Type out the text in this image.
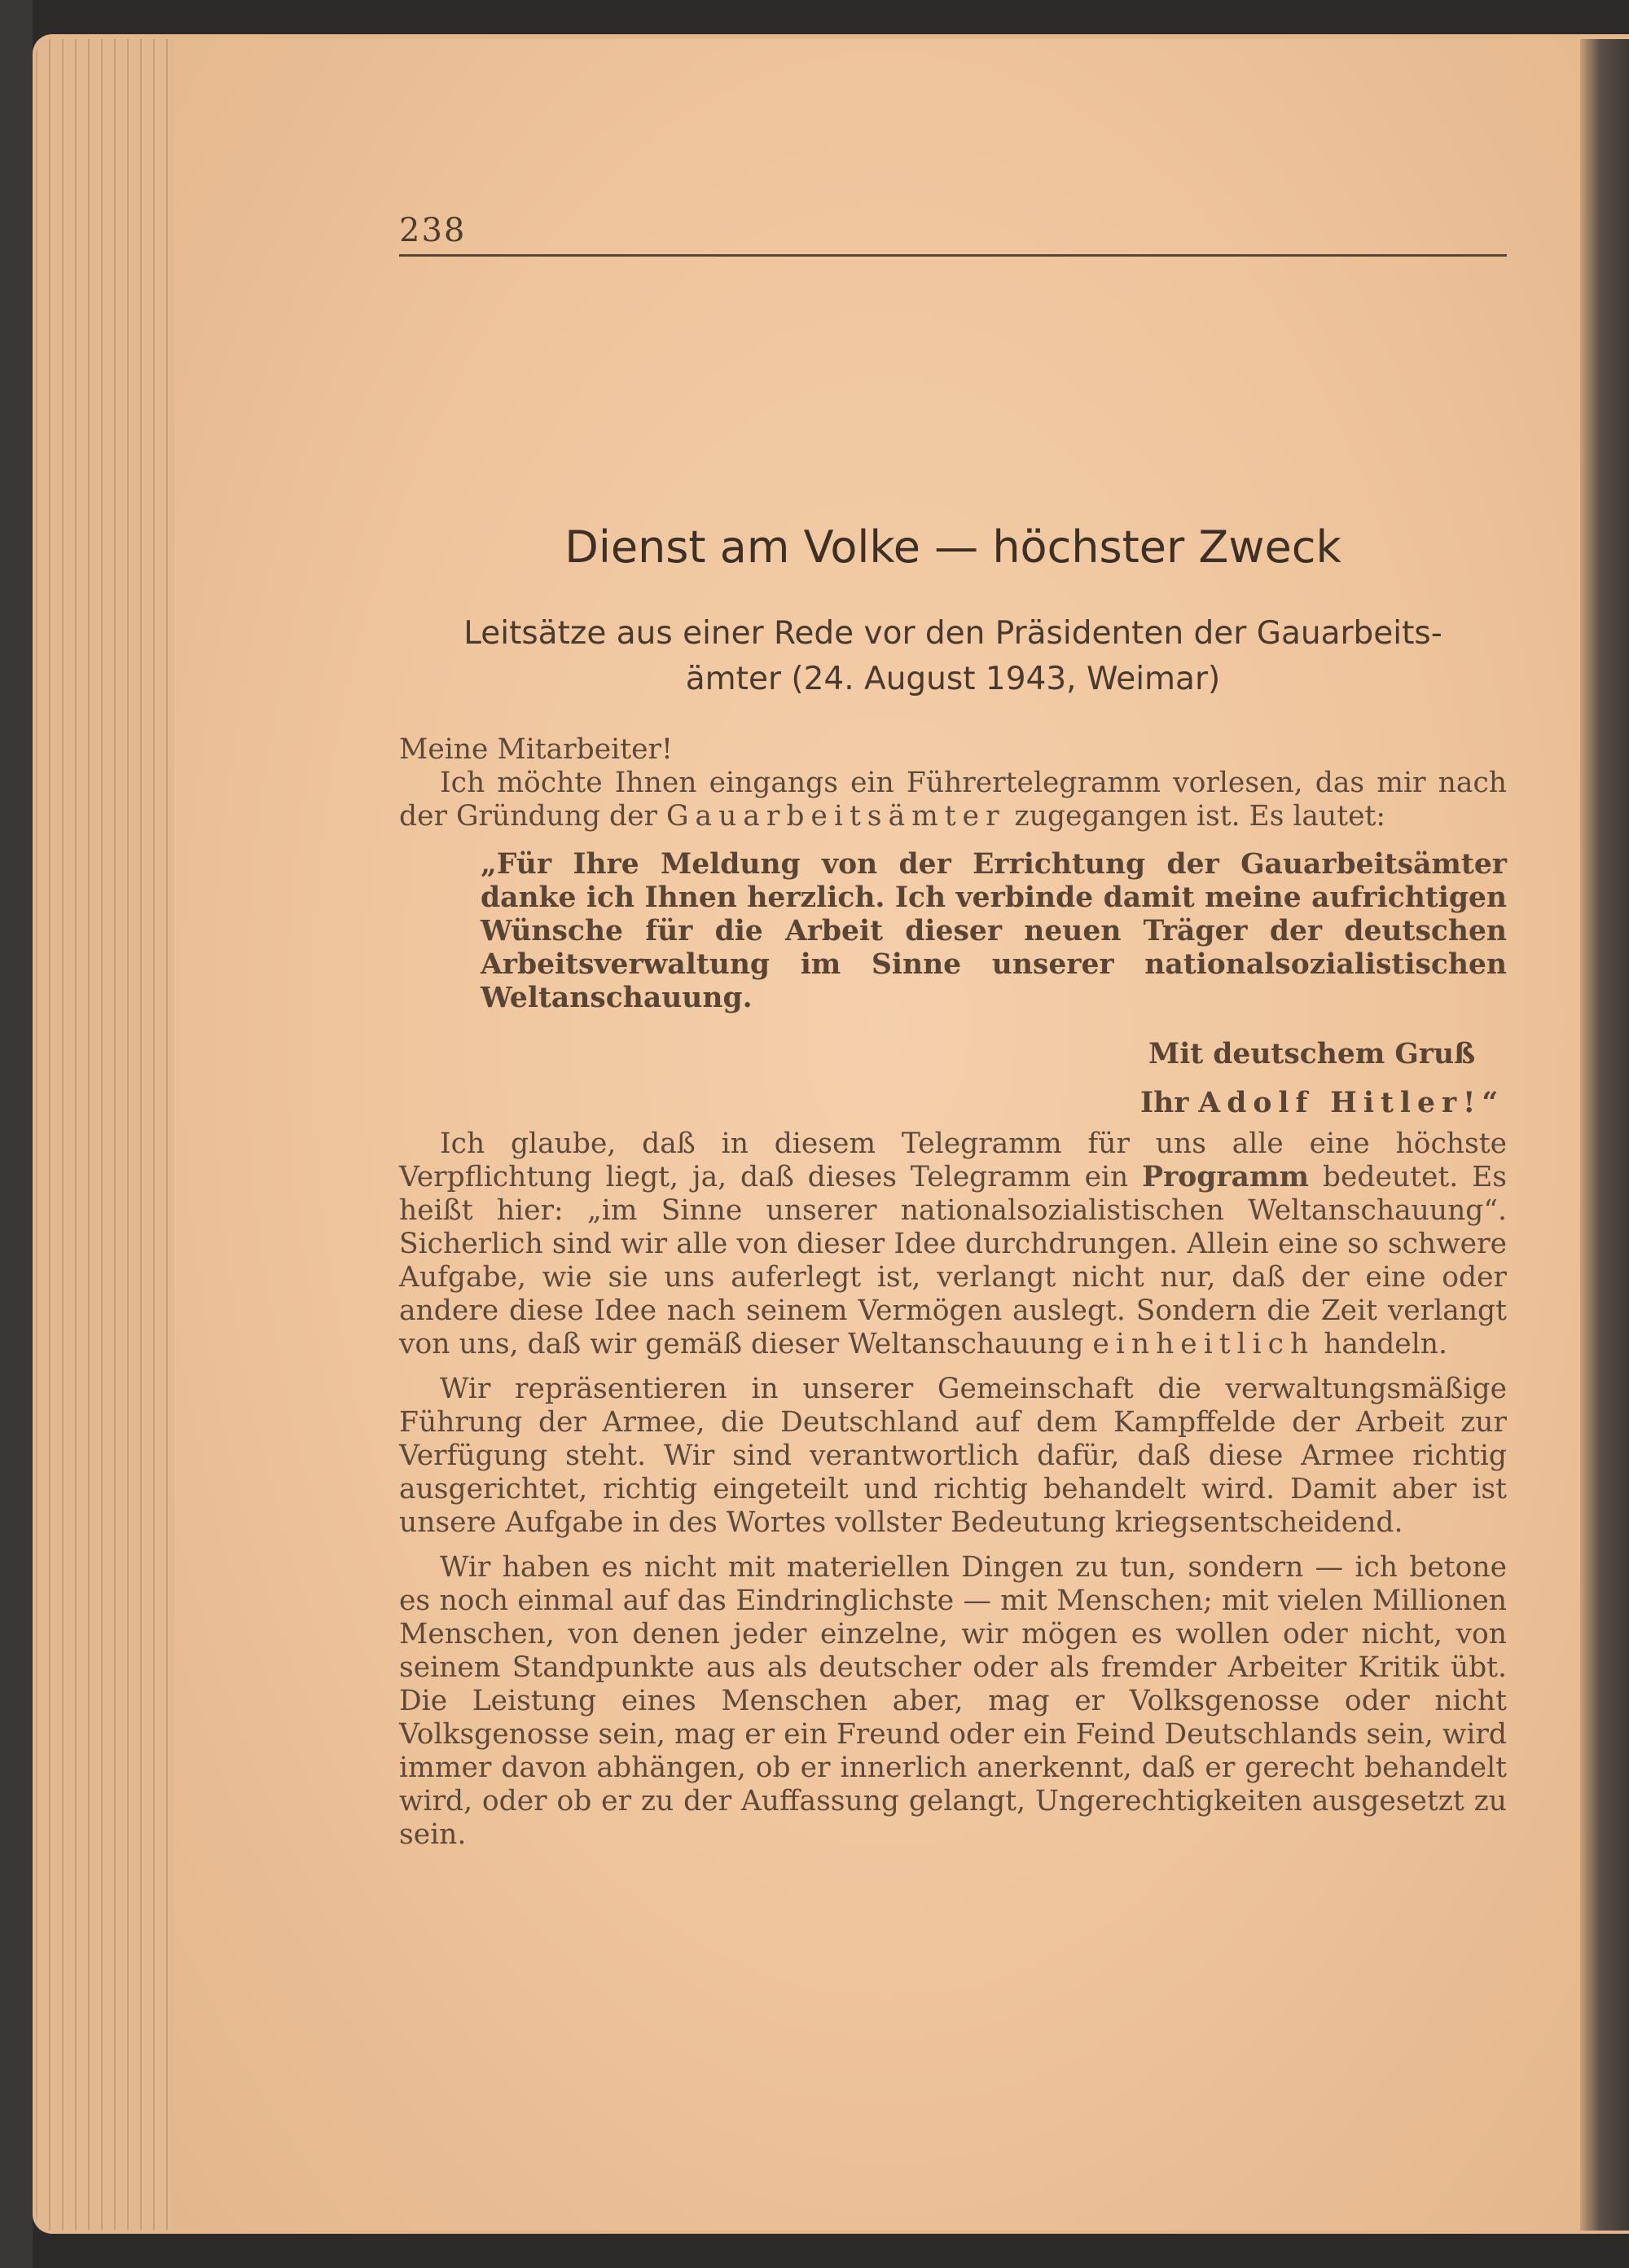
238
Dienst am Volke — höchster Zweck
Leitsätze aus einer Rede vor den Präsidenten der Gauarbeits-
ämter (24. August 1943, Weimar)

Meine Mitarbeiter!

Ich möchte Ihnen eingangs ein Führertelegramm vorlesen, das mir nach der Gründung der Gauarbeitsämter zugegangen ist. Es lautet:

„Für Ihre Meldung von der Errichtung der Gauarbeitsämter danke ich Ihnen herzlich. Ich verbinde damit meine aufrichtigen Wünsche für die Arbeit dieser neuen Träger der deutschen Arbeitsverwaltung im Sinne unserer nationalsozialistischen Weltanschauung.
Mit deutschem Gruß
Ihr Adolf Hitler!“

Ich glaube, daß in diesem Telegramm für uns alle eine höchste Verpflichtung liegt, ja, daß dieses Telegramm ein Programm bedeutet. Es heißt hier: „im Sinne unserer nationalsozialistischen Weltanschauung“. Sicherlich sind wir alle von dieser Idee durchdrungen. Allein eine so schwere Aufgabe, wie sie uns auferlegt ist, verlangt nicht nur, daß der eine oder andere diese Idee nach seinem Vermögen auslegt. Sondern die Zeit verlangt von uns, daß wir gemäß dieser Weltanschauung einheitlich handeln.

Wir repräsentieren in unserer Gemeinschaft die verwaltungsmäßige Führung der Armee, die Deutschland auf dem Kampffelde der Arbeit zur Verfügung steht. Wir sind verantwortlich dafür, daß diese Armee richtig ausgerichtet, richtig eingeteilt und richtig behandelt wird. Damit aber ist unsere Aufgabe in des Wortes vollster Bedeutung kriegsentscheidend.

Wir haben es nicht mit materiellen Dingen zu tun, sondern — ich betone es noch einmal auf das Eindringlichste — mit Menschen; mit vielen Millionen Menschen, von denen jeder einzelne, wir mögen es wollen oder nicht, von seinem Standpunkte aus als deutscher oder als fremder Arbeiter Kritik übt. Die Leistung eines Menschen aber, mag er Volksgenosse oder nicht Volksgenosse sein, mag er ein Freund oder ein Feind Deutschlands sein, wird immer davon abhängen, ob er innerlich anerkennt, daß er gerecht behandelt wird, oder ob er zu der Auffassung gelangt, Ungerechtigkeiten ausgesetzt zu sein.
